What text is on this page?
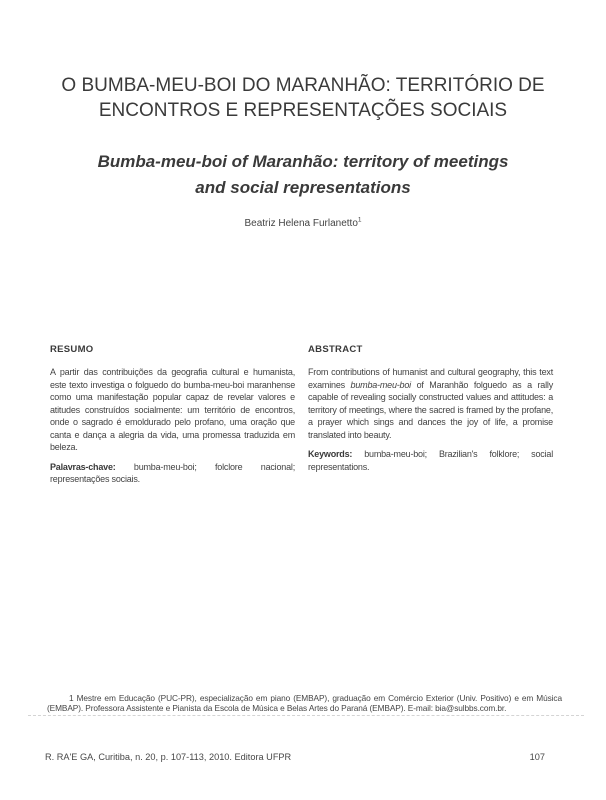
O BUMBA-MEU-BOI DO MARANHÃO: TERRITÓRIO DE ENCONTROS E REPRESENTAÇÕES SOCIAIS
Bumba-meu-boi of Maranhão: territory of meetings and social representations
Beatriz Helena Furlanetto$^1$

RESUMO

A partir das contribuições da geografia cultural e humanista, este texto investiga o folguedo do bumba-meu-boi maranhense como uma manifestação popular capaz de revelar valores e atitudes construídos socialmente: um território de encontros, onde o sagrado é emoldurado pelo profano, uma oração que canta e dança a alegria da vida, uma promessa traduzida em beleza.

Palavras-chave: bumba-meu-boi; folclore nacional; representações sociais.

ABSTRACT

From contributions of humanist and cultural geography, this text examines bumba-meu-boi of Maranhão folguedo as a rally capable of revealing socially constructed values and attitudes: a territory of meetings, where the sacred is framed by the profane, a prayer which sings and dances the joy of life, a promise translated into beauty.

Keywords: bumba-meu-boi; Brazilian's folklore; social representations.

1 Mestre em Educação (PUC-PR), especialização em piano (EMBAP), graduação em Comércio Exterior (Univ. Positivo) e em Música (EMBAP). Professora Assistente e Pianista da Escola de Música e Belas Artes do Paraná (EMBAP). E-mail: bia@sulbbs.com.br.
R. RA'E GA, Curitiba, n. 20, p. 107-113, 2010. Editora UFPR	107
